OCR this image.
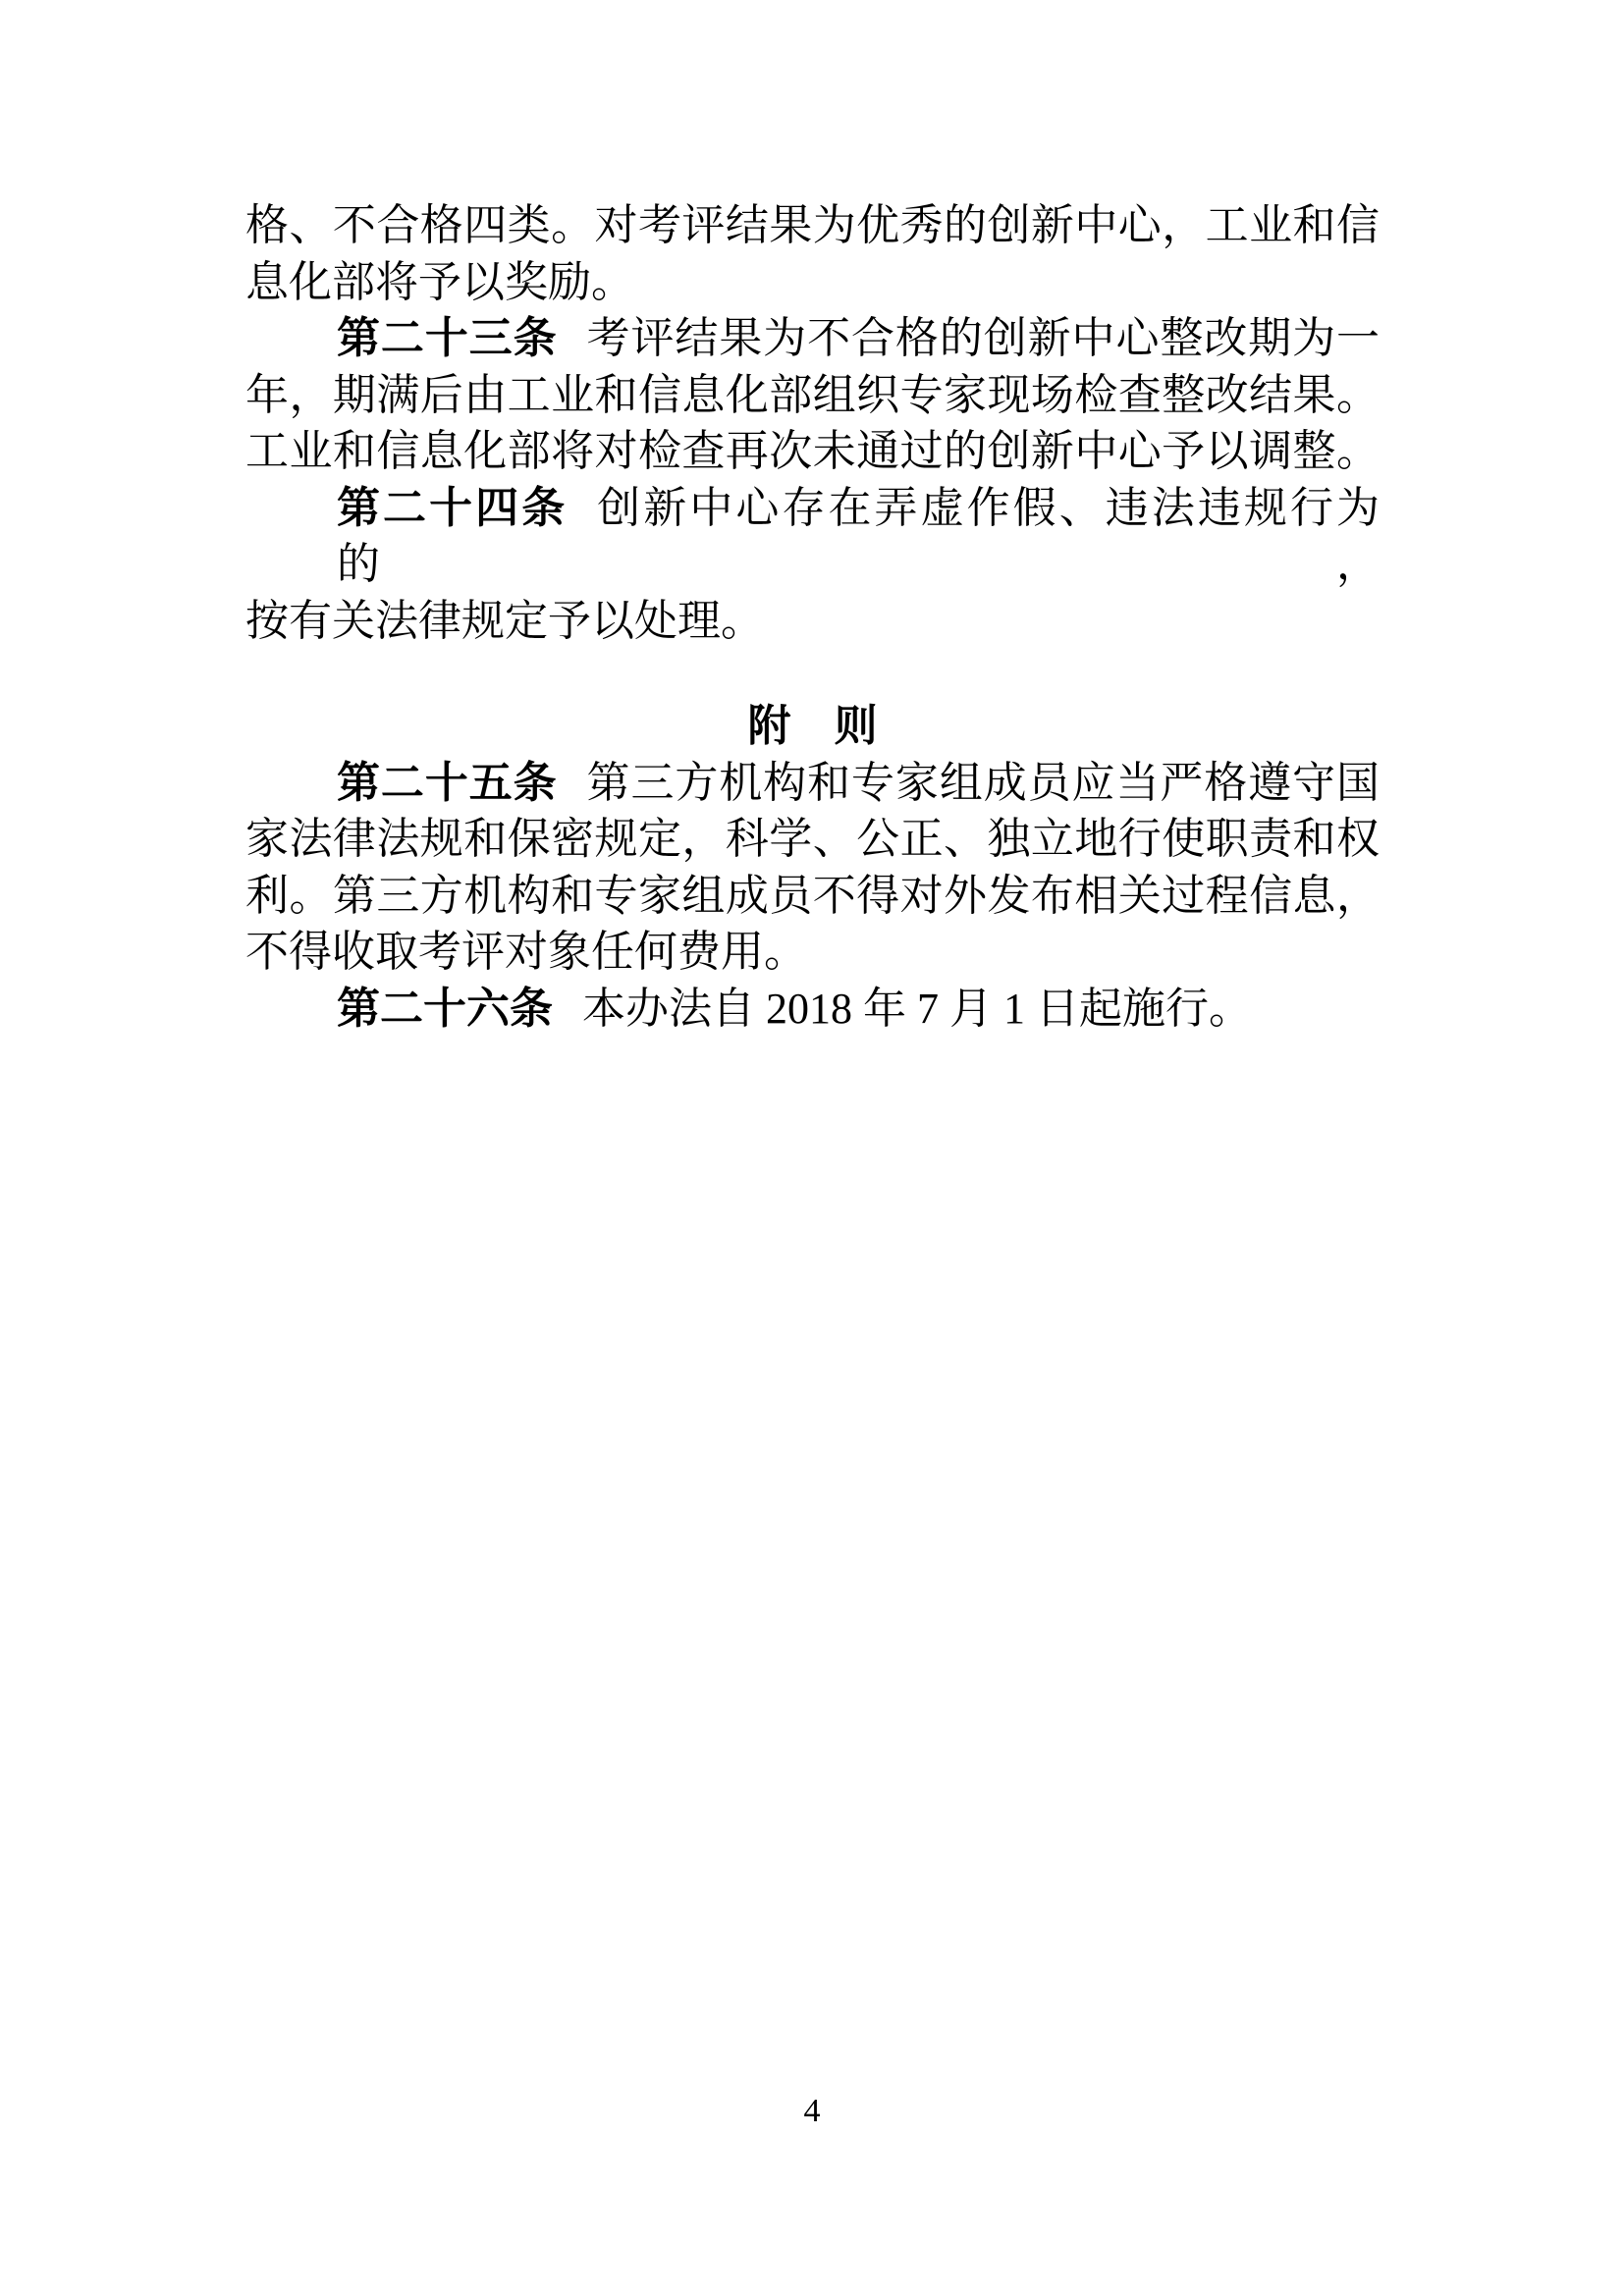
格、不合格四类。对考评结果为优秀的创新中心，工业和信
息化部将予以奖励。
第二十三条 考评结果为不合格的创新中心整改期为一
年，期满后由工业和信息化部组织专家现场检查整改结果。
工业和信息化部将对检查再次未通过的创新中心予以调整。
第二十四条 创新中心存在弄虚作假、违法违规行为的，
按有关法律规定予以处理。
附　则
第二十五条 第三方机构和专家组成员应当严格遵守国
家法律法规和保密规定，科学、公正、独立地行使职责和权
利。第三方机构和专家组成员不得对外发布相关过程信息，
不得收取考评对象任何费用。
第二十六条 本办法自 2018 年 7 月 1 日起施行。
4
